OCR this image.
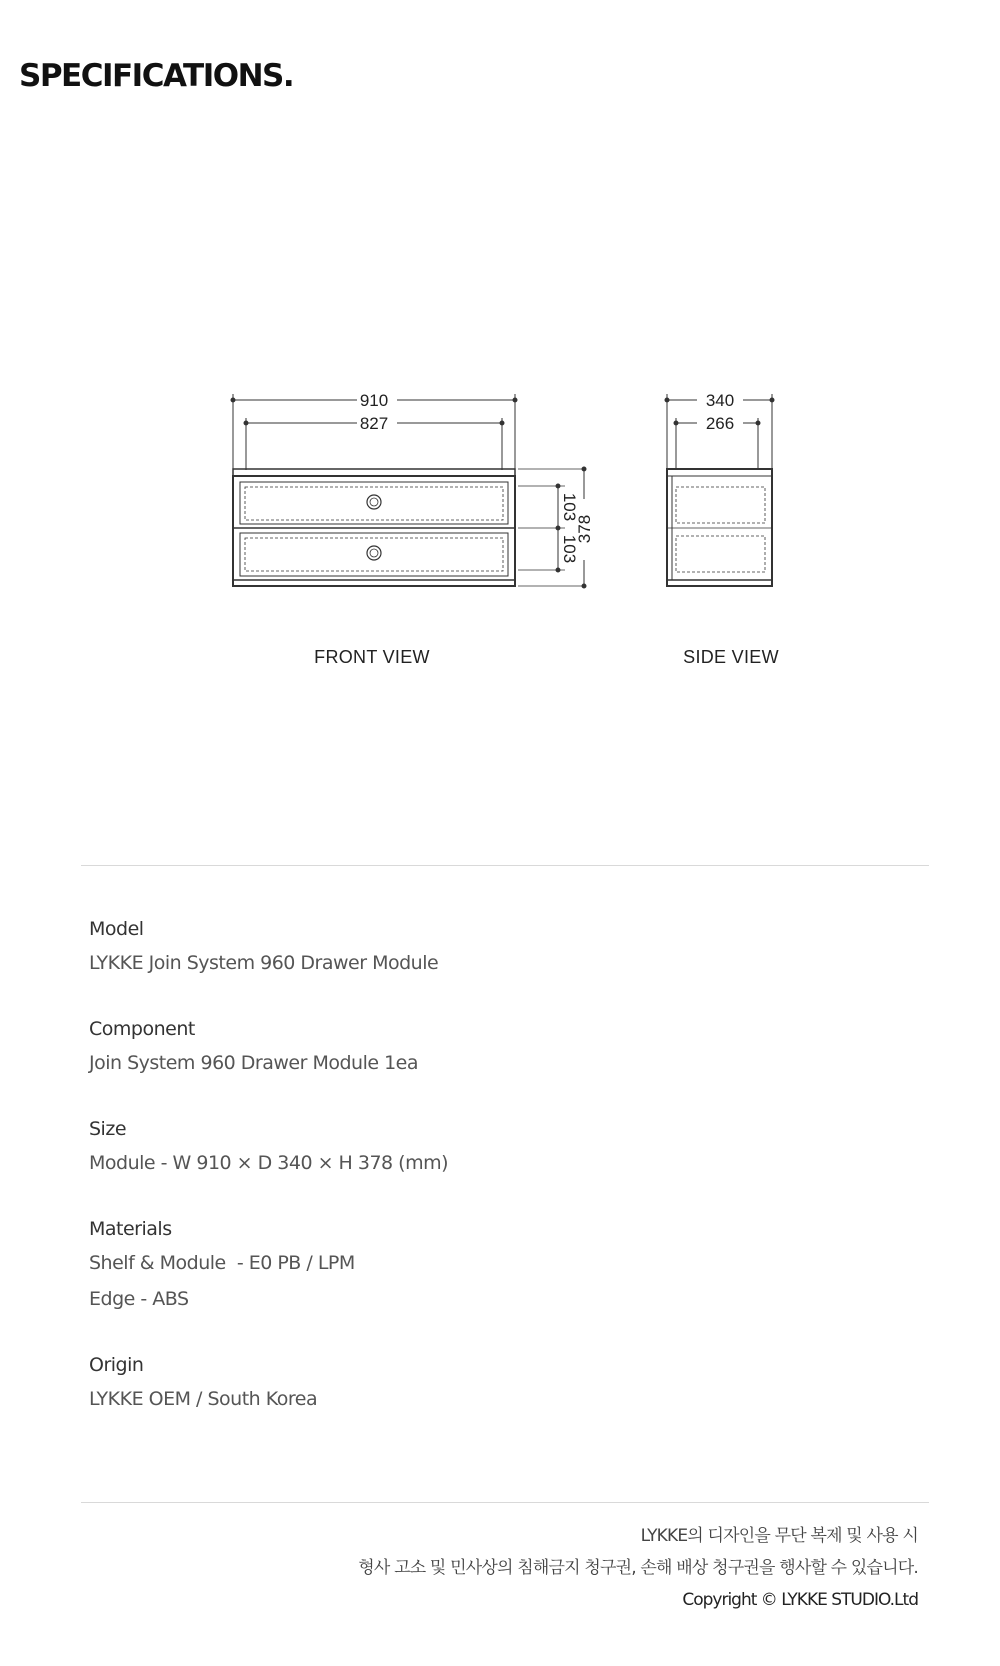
SPECIFICATIONS.
910
827
378
103
103
FRONT VIEW
340
266
SIDE VIEW
Model
LYKKE Join System 960 Drawer Module
Component
Join System 960 Drawer Module 1ea
Size
Module - W 910 × D 340 × H 378 (mm)
Materials
Shelf & Module  - E0 PB / LPM
Edge - ABS
Origin
LYKKE OEM / South Korea
LYKKE의 디자인을 무단 복제 및 사용 시
형사 고소 및 민사상의 침해금지 청구권, 손해 배상 청구권을 행사할 수 있습니다.
Copyright © LYKKE STUDIO.Ltd
